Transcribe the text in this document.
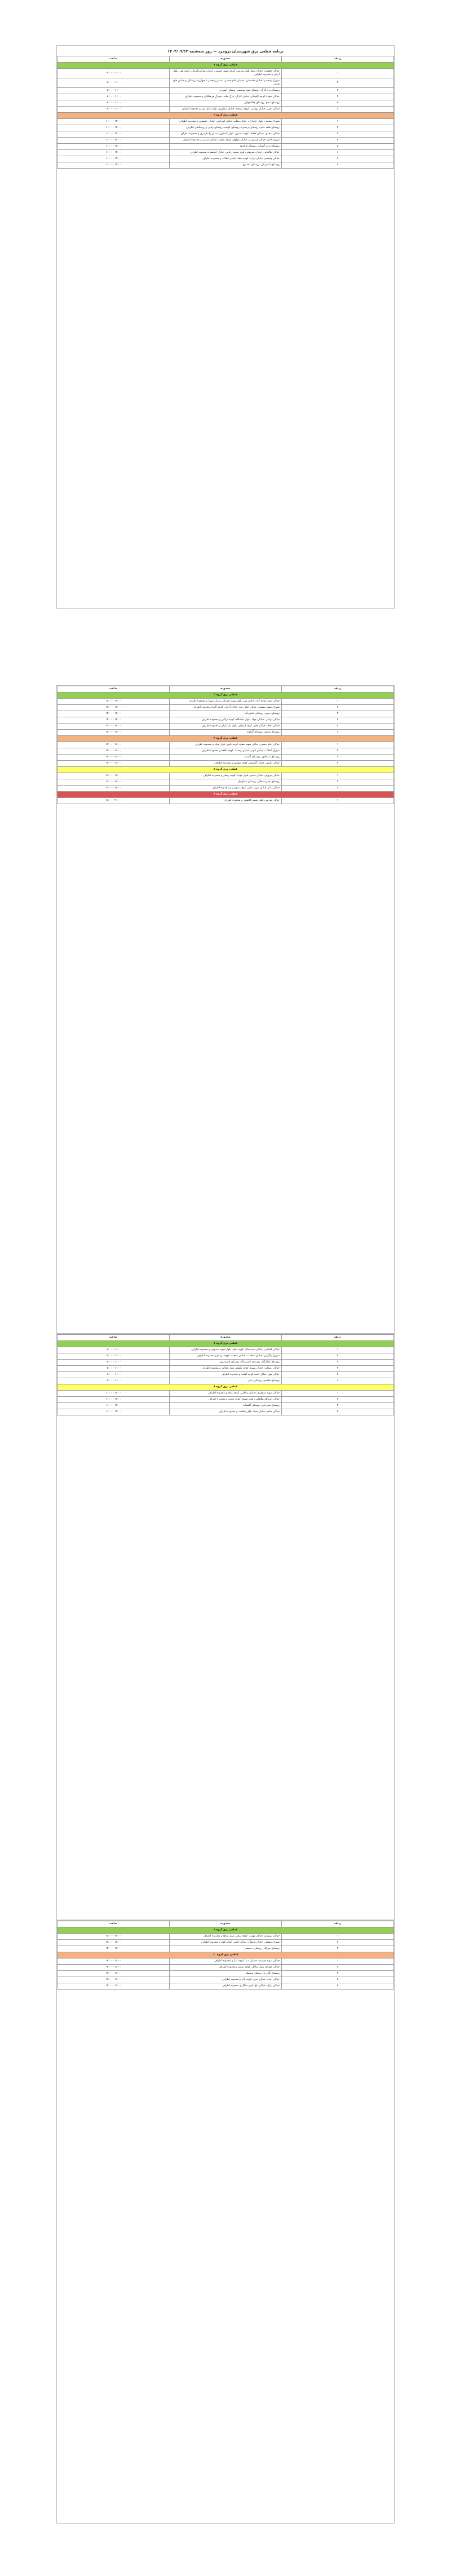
برنامه قطعی برق شهرستان بروجرد — روز سه‌شنبه ۱۴۰۳/۰۹/۱۳
ردیف	محدوده	ساعت
قطعی برق گروه ۱		
۱	خیابان جعفری، خیابان صفا، بلوار مدرس، کوچه شهید حسینی، خیابان صاحب‌الزمان، کوچه بهار، بلوار آزادی و محدوده اطراف	۰۸:۰۰ - ۱۰:۰۰
۲	شهرک ولیعصر، خیابان فلسطین، خیابان امام خمینی، میدان ولیعصر تا چهارراه پزشکان و خیابان های فرعی	۰۸:۰۰ - ۱۰:۰۰
۳	روستای دره گرگ، روستای شیخ یوسف، روستای آبسردی	۰۸:۰۰ - ۱۰:۰۰
۴	خیابان شهدا، کوچه گلستان، خیابان کارگر، پارک ملت، شهرک فرهنگیان و محدوده اطراف	۰۸:۰۰ - ۱۰:۰۰
۵	روستای ده‌نو، روستای چالانچولان	۰۸:۰۰ - ۱۰:۰۰
۶	خیابان تختی، خیابان بهشتی، کوچه مسجد، خیابان مطهری، بلوار امام علی و محدوده اطراف	۰۸:۰۰ - ۱۰:۰۰
قطعی برق گروه ۲		
۱	شهرک صنعتی، بلوار جانبازان، خیابان معلم، خیابان امیرکبیر، خیابان جمهوری و محدوده اطراف	۱۰:۰۰ - ۱۲:۰۰
۲	روستای قلعه حاتم، روستای بردسره، روستای گوشه، روستای ونایی و روستاهای اطراف	۱۰:۰۰ - ۱۲:۰۰
۳	خیابان سعدی، خیابان حافظ، کوچه نسترن، بلوار کشاورز، میدان ژاندارمری و محدوده اطراف	۱۰:۰۰ - ۱۲:۰۰
۴	شهرک امام، خیابان فردوسی، خیابان مولوی، کوچه بنفشه، خیابان مصلی و محدوده اطراف	۱۰:۰۰ - ۱۲:۰۰
۵	روستای درب آستانه، روستای کرکرود	۱۰:۰۰ - ۱۲:۰۰
۶	خیابان طالقانی، خیابان شریعتی، بلوار شهید رجایی، خیابان اندیشه و محدوده اطراف	۱۰:۰۰ - ۱۲:۰۰
۷	خیابان ولیعصر، خیابان نواب، کوچه صفا، خیابان انقلاب و محدوده اطراف	۱۰:۰۰ - ۱۲:۰۰
۸	روستای اشترینان، روستای ده‌سرخ	۱۰:۰۰ - ۱۲:۰۰
ردیف	محدوده	ساعت
قطعی برق گروه ۳		
۱	خیابان صفا، کوچه لاله، خیابان بهار، بلوار شهید چمران، میدان شهدا و محدوده اطراف	۱۲:۰۰ - ۱۴:۰۰
۲	شهرک شهید بهشتی، خیابان امام رضا، خیابان آزادی، کوچه گلها و محدوده اطراف	۱۲:۰۰ - ۱۴:۰۰
۳	روستای ده‌پیر، روستای قاضی‌آباد	۱۲:۰۰ - ۱۴:۰۰
۴	خیابان بوعلی، خیابان جهاد، بلوار دانشگاه، کوچه نرگس و محدوده اطراف	۱۲:۰۰ - ۱۴:۰۰
۵	خیابان اتحاد، خیابان فجر، کوچه ارغوان، بلوار پاسداران و محدوده اطراف	۱۲:۰۰ - ۱۴:۰۰
۶	روستای تپه‌نور، روستای گراوند	۱۲:۰۰ - ۱۴:۰۰
قطعی برق گروه ۴		
۱	خیابان امام حسین، خیابان شهید مفتح، کوچه یاس، بلوار سپاه و محدوده اطراف	۱۴:۰۰ - ۱۶:۰۰
۲	شهرک انقلاب، خیابان ابوذر، خیابان وحدت، کوچه اقاقیا و محدوده اطراف	۱۴:۰۰ - ۱۶:۰۰
۳	روستای سیلاخور، روستای آبشینه	۱۴:۰۰ - ۱۶:۰۰
۴	خیابان نیایش، خیابان گلستان، کوچه شقایق و محدوده اطراف	۱۴:۰۰ - ۱۶:۰۰
قطعی برق گروه ۵		
۱	خیابان پیروزی، خیابان قدس، بلوار نبوت، کوچه ریحان و محدوده اطراف	۱۶:۰۰ - ۱۸:۰۰
۲	روستای چمن‌سلطان، روستای ده‌کوچک	۱۶:۰۰ - ۱۸:۰۰
۳	خیابان ایثار، خیابان شهید باهنر، کوچه سوسن و محدوده اطراف	۱۶:۰۰ - ۱۸:۰۰
قطعی برق گروه ۶		
۱	خیابان مدرس، بلوار شهید کلاهدوز و محدوده اطراف	۱۸:۰۰ - ۲۰:۰۰
ردیف	محدوده	ساعت
قطعی برق گروه ۷		
۱	خیابان کاشانی، خیابان سیدجمال، کوچه بابک، بلوار شهید صدوقی و محدوده اطراف	۰۸:۰۰ - ۱۰:۰۰
۲	شهرک زاگرس، خیابان سعادت، خیابان صنعت، کوچه پرستو و محدوده اطراف	۰۸:۰۰ - ۱۰:۰۰
۳	روستای کمال‌آباد، روستای حسین‌آباد، روستای چشمه‌پهن	۰۸:۰۰ - ۱۰:۰۰
۴	خیابان رسالت، خیابان بسیج، کوچه نیلوفر، بلوار عدالت و محدوده اطراف	۰۸:۰۰ - ۱۰:۰۰
۵	خیابان مهر، خیابان امید، کوچه آفتاب و محدوده اطراف	۰۸:۰۰ - ۱۰:۰۰
۶	روستای قلعه‌نو، روستای ده‌لر	۰۸:۰۰ - ۱۰:۰۰
قطعی برق گروه ۸		
۱	خیابان شهید منتظری، خیابان ساحلی، کوچه میلاد و محدوده اطراف	۱۰:۰۰ - ۱۲:۰۰
۲	خیابان آیت‌الله طالقانی، بلوار بسیج، کوچه زیتون و محدوده اطراف	۱۰:۰۰ - ۱۲:۰۰
۳	روستای شیرخان، روستای گلستانه	۱۰:۰۰ - ۱۲:۰۰
۴	خیابان حکیم، خیابان شفا، بلوار سلامت و محدوده اطراف	۱۰:۰۰ - ۱۲:۰۰
ردیف	محدوده	ساعت
قطعی برق گروه ۹		
۱	خیابان نوروزی، خیابان مهدیه، کوچه سحر، بلوار شاهد و محدوده اطراف	۱۲:۰۰ - ۱۴:۰۰
۲	شهرک مسکن، خیابان فرهنگ، خیابان دانش، کوچه کوثر و محدوده اطراف	۱۲:۰۰ - ۱۴:۰۰
۳	روستای میرآباد، روستای ده‌حسن	۱۲:۰۰ - ۱۴:۰۰
قطعی برق گروه ۱۰		
۱	خیابان شهید فهمیده، خیابان صبا، کوچه مینا و محدوده اطراف	۱۴:۰۰ - ۱۶:۰۰
۲	خیابان معراج، بلوار ساحل، کوچه شبنم و محدوده اطراف	۱۴:۰۰ - ۱۶:۰۰
۳	روستای گل‌زرد، روستای وسطه	۱۴:۰۰ - ۱۶:۰۰
۴	خیابان آینده، خیابان سرو، کوچه کاج و محدوده اطراف	۱۴:۰۰ - ۱۶:۰۰
۵	خیابان پارک، خیابان باغ، بلوار جنگل و محدوده اطراف	۱۴:۰۰ - ۱۶:۰۰
